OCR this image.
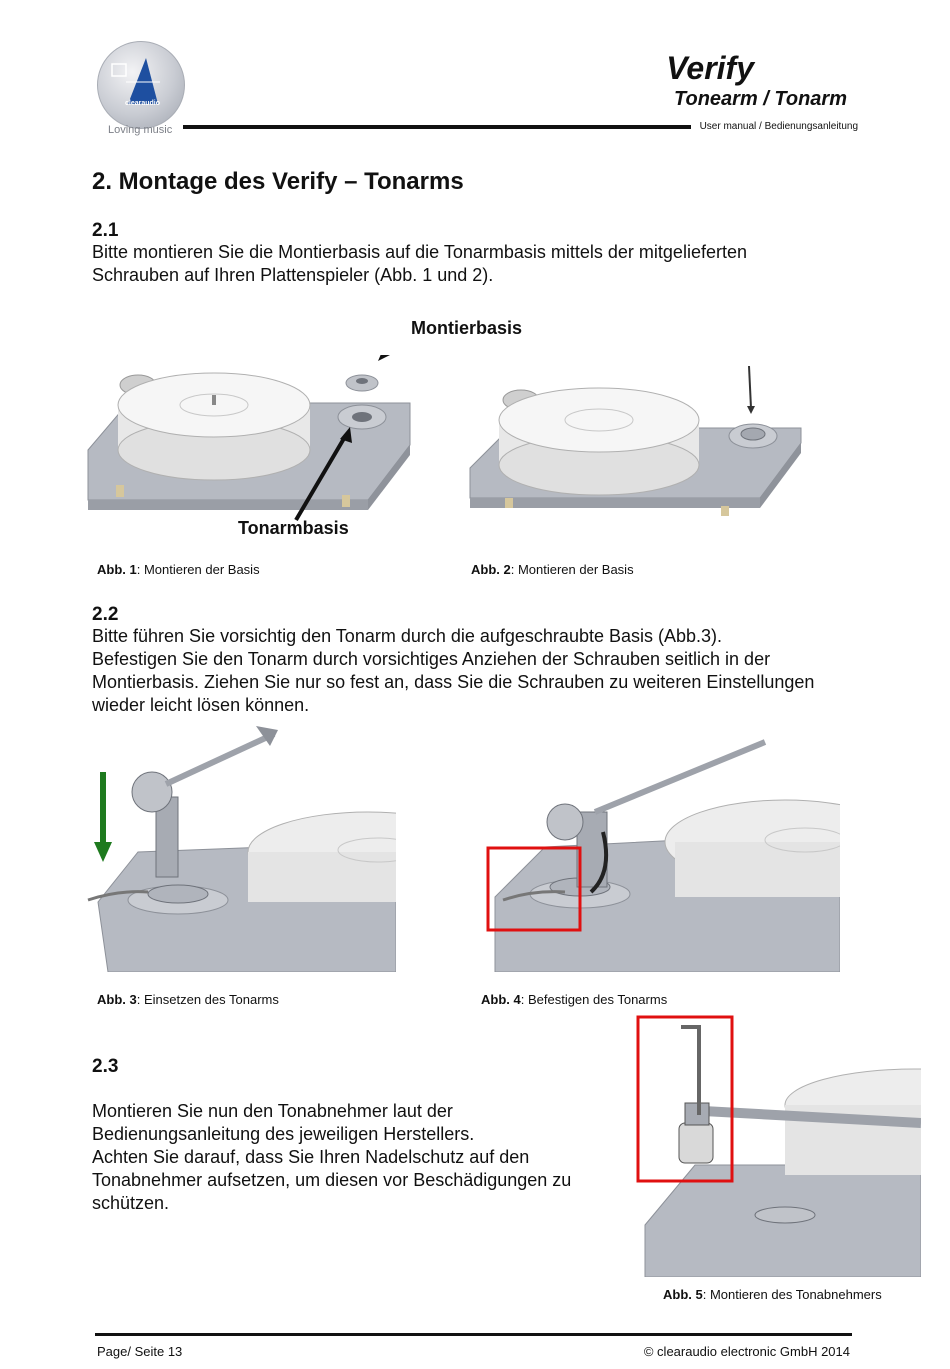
clearaudio
Loving music
Verify
Tonearm / Tonarm
User manual / Bedienungsanleitung
2. Montage des Verify – Tonarms
2.1
Bitte montieren Sie die Montierbasis auf die Tonarmbasis mittels der mitgelieferten
Schrauben auf Ihren Plattenspieler (Abb. 1 und 2).
Montierbasis
Tonarmbasis
Abb. 1: Montieren der Basis	Abb. 2: Montieren der Basis
2.2
Bitte führen Sie vorsichtig den Tonarm durch die aufgeschraubte Basis (Abb.3).
Befestigen Sie den Tonarm durch vorsichtiges Anziehen der Schrauben seitlich in der
Montierbasis. Ziehen Sie nur so fest an, dass Sie die Schrauben zu weiteren Einstellungen
wieder leicht lösen können.
Abb. 3: Einsetzen des Tonarms	Abb. 4: Befestigen des Tonarms
2.3
Montieren Sie nun den Tonabnehmer laut der
Bedienungsanleitung des jeweiligen Herstellers.
Achten Sie darauf, dass Sie Ihren Nadelschutz auf den
Tonabnehmer aufsetzen, um diesen vor Beschädigungen zu
schützen.
Abb. 5: Montieren des Tonabnehmers
Page/ Seite 13	© clearaudio electronic GmbH 2014
